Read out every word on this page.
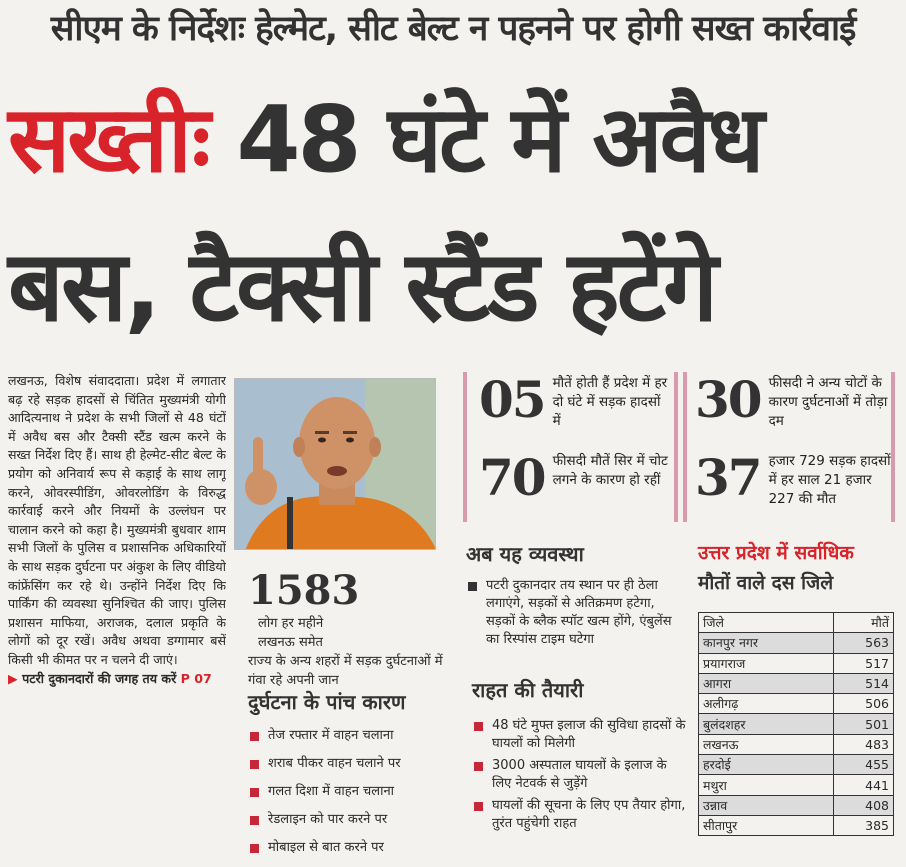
सीएम के निर्देशः हेल्मेट, सीट बेल्ट न पहनने पर होगी सख्त कार्रवाई
सख्तीः 48 घंटे में अवैध
बस, टैक्सी स्टैंड हटेंगे

लखनऊ, विशेष संवाददाता। प्रदेश में लगातार बढ़ रहे सड़क हादसों से चिंतित मुख्यमंत्री योगी आदित्यनाथ ने प्रदेश के सभी जिलों से 48 घंटों में अवैध बस और टैक्सी स्टैंड खत्म करने के सख्त निर्देश दिए हैं। साथ ही हेल्मेट-सीट बेल्ट के प्रयोग को अनिवार्य रूप से कड़ाई के साथ लागू करने, ओवरस्पीडिंग, ओवरलोडिंग के विरुद्ध कार्रवाई करने और नियमों के उल्लंघन पर चालान करने को कहा है। मुख्यमंत्री बुधवार शाम सभी जिलों के पुलिस व प्रशासनिक अधिकारियों के साथ सड़क दुर्घटना पर अंकुश के लिए वीडियो कांफ्रेंसिंग कर रहे थे। उन्होंने निर्देश दिए कि पार्किंग की व्यवस्था सुनिश्चित की जाए। पुलिस प्रशासन माफिया, अराजक, दलाल प्रकृति के लोगों को दूर रखें। अवैध अथवा डग्गामार बसें किसी भी कीमत पर न चलने दी जाएं।

▶ पटरी दुकानदारों की जगह तय करें P 07

05 मौतें होती हैं प्रदेश में हर दो घंटे में सड़क हादसों में
70 फीसदी मौतें सिर में चोट लगने के कारण हो रहीं
30 फीसदी ने अन्य चोटों के कारण दुर्घटनाओं में तोड़ा दम
37 हजार 729 सड़क हादसों में हर साल 21 हजार 227 की मौत
1583 लोग हर महीने लखनऊ समेत
राज्य के अन्य शहरों में सड़क दुर्घटनाओं में गंवा रहे अपनी जान
दुर्घटना के पांच कारण
तेज रफ्तार में वाहन चलाना
शराब पीकर वाहन चलाने पर
गलत दिशा में वाहन चलाना
रेडलाइन को पार करने पर
मोबाइल से बात करने पर
अब यह व्यवस्था
पटरी दुकानदार तय स्थान पर ही ठेला लगाएंगे, सड़कों से अतिक्रमण हटेगा, सड़कों के ब्लैक स्पॉट खत्म होंगे, एंबुलेंस का रिस्पांस टाइम घटेगा
राहत की तैयारी
48 घंटे मुफ्त इलाज की सुविधा हादसों के घायलों को मिलेगी
3000 अस्पताल घायलों के इलाज के लिए नेटवर्क से जुड़ेंगे
घायलों की सूचना के लिए एप तैयार होगा, तुरंत पहुंचेगी राहत
उत्तर प्रदेश में सर्वाधिक
मौतों वाले दस जिले
जिले	मौतें
कानपुर नगर	563
प्रयागराज	517
आगरा	514
अलीगढ़	506
बुलंदशहर	501
लखनऊ	483
हरदोई	455
मथुरा	441
उन्नाव	408
सीतापुर	385
